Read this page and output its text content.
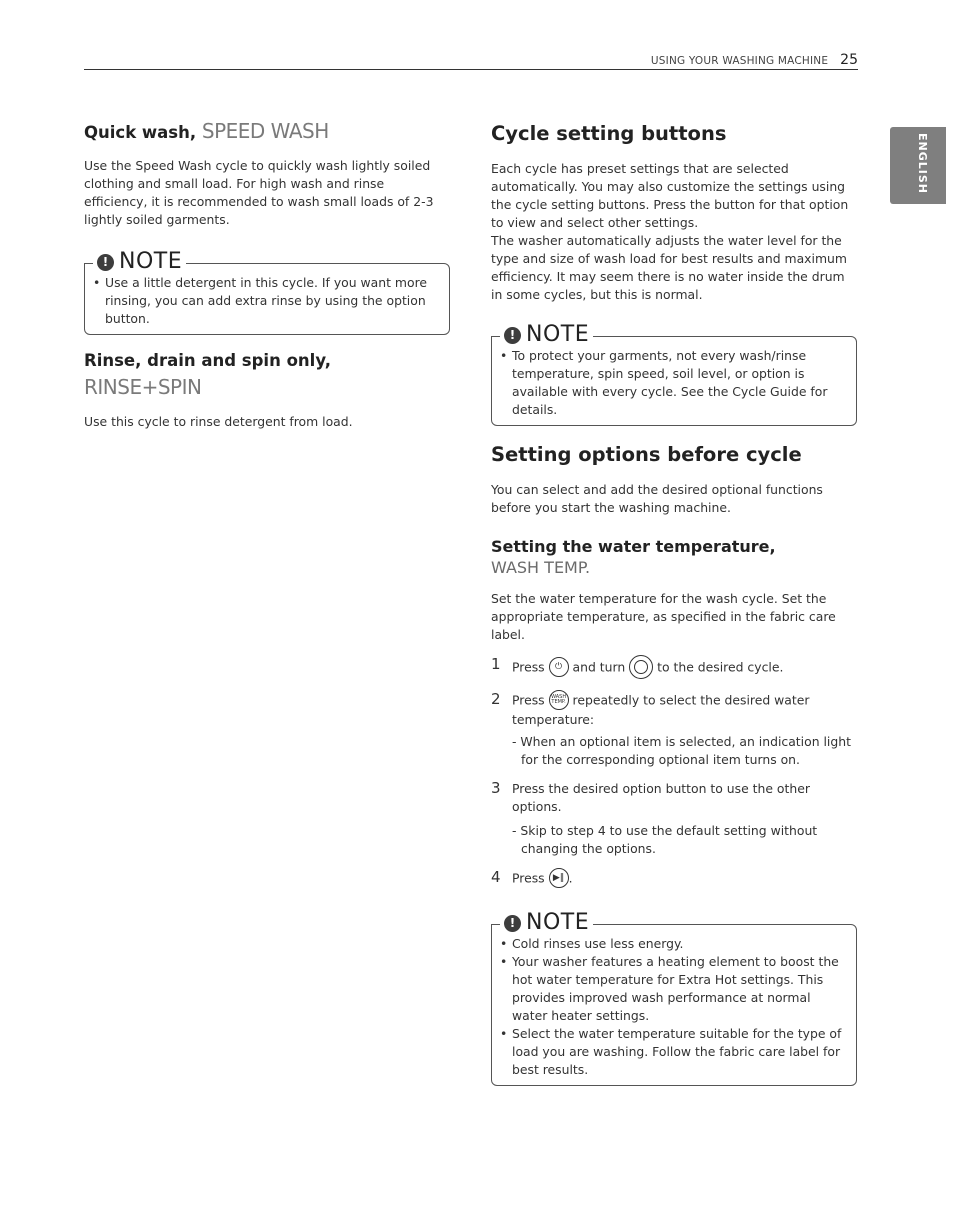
USING YOUR WASHING MACHINE 25
ENGLISH
Quick wash, SPEED WASH

Use the Speed Wash cycle to quickly wash lightly soiled clothing and small load. For high wash and rinse efficiency, it is recommended to wash small loads of 2-3 lightly soiled garments.

! NOTE
• Use a little detergent in this cycle. If you want more rinsing, you can add extra rinse by using the option button.
Rinse, drain and spin only, RINSE+SPIN

Use this cycle to rinse detergent from load.

Cycle setting buttons

Each cycle has preset settings that are selected automatically. You may also customize the settings using the cycle setting buttons. Press the button for that option to view and select other settings.

The washer automatically adjusts the water level for the type and size of wash load for best results and maximum efficiency. It may seem there is no water inside the drum in some cycles, but this is normal.

! NOTE
• To protect your garments, not every wash/rinse temperature, spin speed, soil level, or option is available with every cycle. See the Cycle Guide for details.
Setting options before cycle

You can select and add the desired optional functions before you start the washing machine.

Setting the water temperature,
WASH TEMP.

Set the water temperature for the wash cycle. Set the appropriate temperature, as specified in the fabric care label.

1 Press ⏻ and turn	to the desired cycle.
2 Press WASH
TEMP. repeatedly to select the desired water temperature:
- When an optional item is selected, an indication light for the corresponding optional item turns on.
3 Press the desired option button to use the other options.
- Skip to step 4 to use the default setting without changing the options.
4 Press ▶‖ .
! NOTE
• Cold rinses use less energy.
• Your washer features a heating element to boost the hot water temperature for Extra Hot settings. This provides improved wash performance at normal water heater settings.
• Select the water temperature suitable for the type of load you are washing. Follow the fabric care label for best results.
